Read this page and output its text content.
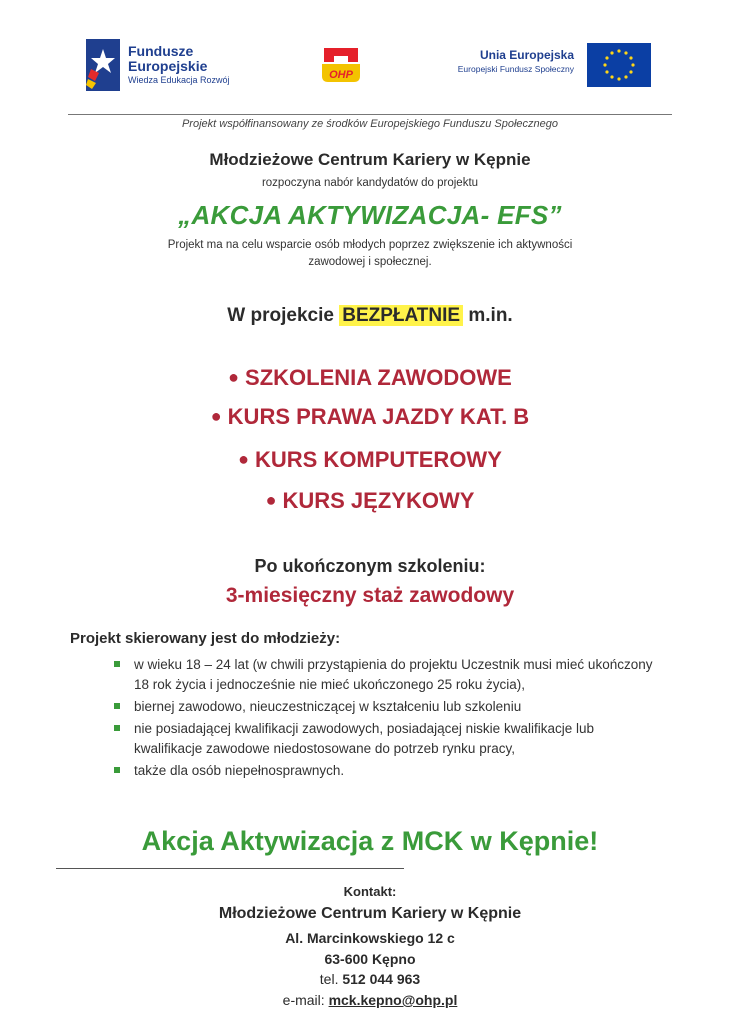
Fundusze
Europejskie
Wiedza Edukacja Rozwój	OHP
Unia Europejska
Europejski Fundusz Społeczny
Projekt współfinansowany ze środków Europejskiego Funduszu Społecznego
Młodzieżowe Centrum Kariery w Kępnie
rozpoczyna nabór kandydatów do projektu
„AKCJA AKTYWIZACJA- EFS”
Projekt ma na celu wsparcie osób młodych poprzez zwiększenie ich aktywności
zawodowej i społecznej.
W projekcie BEZPŁATNIE m.in.
● SZKOLENIA ZAWODOWE
● KURS PRAWA JAZDY KAT. B
● KURS KOMPUTEROWY
● KURS JĘZYKOWY
Po ukończonym szkoleniu:
3-miesięczny staż zawodowy
Projekt skierowany jest do młodzieży:
w wieku 18 – 24 lat (w chwili przystąpienia do projektu Uczestnik musi mieć ukończony 18 rok życia i jednocześnie nie mieć ukończonego 25 roku życia),
biernej zawodowo, nieuczestniczącej w kształceniu lub szkoleniu
nie posiadającej kwalifikacji zawodowych, posiadającej niskie kwalifikacje lub kwalifikacje zawodowe niedostosowane do potrzeb rynku pracy,
także dla osób niepełnosprawnych.
Akcja Aktywizacja z MCK w Kępnie!
Kontakt:
Młodzieżowe Centrum Kariery w Kępnie
Al. Marcinkowskiego 12 c
63-600 Kępno
tel. 512 044 963
e-mail: mck.kepno@ohp.pl
